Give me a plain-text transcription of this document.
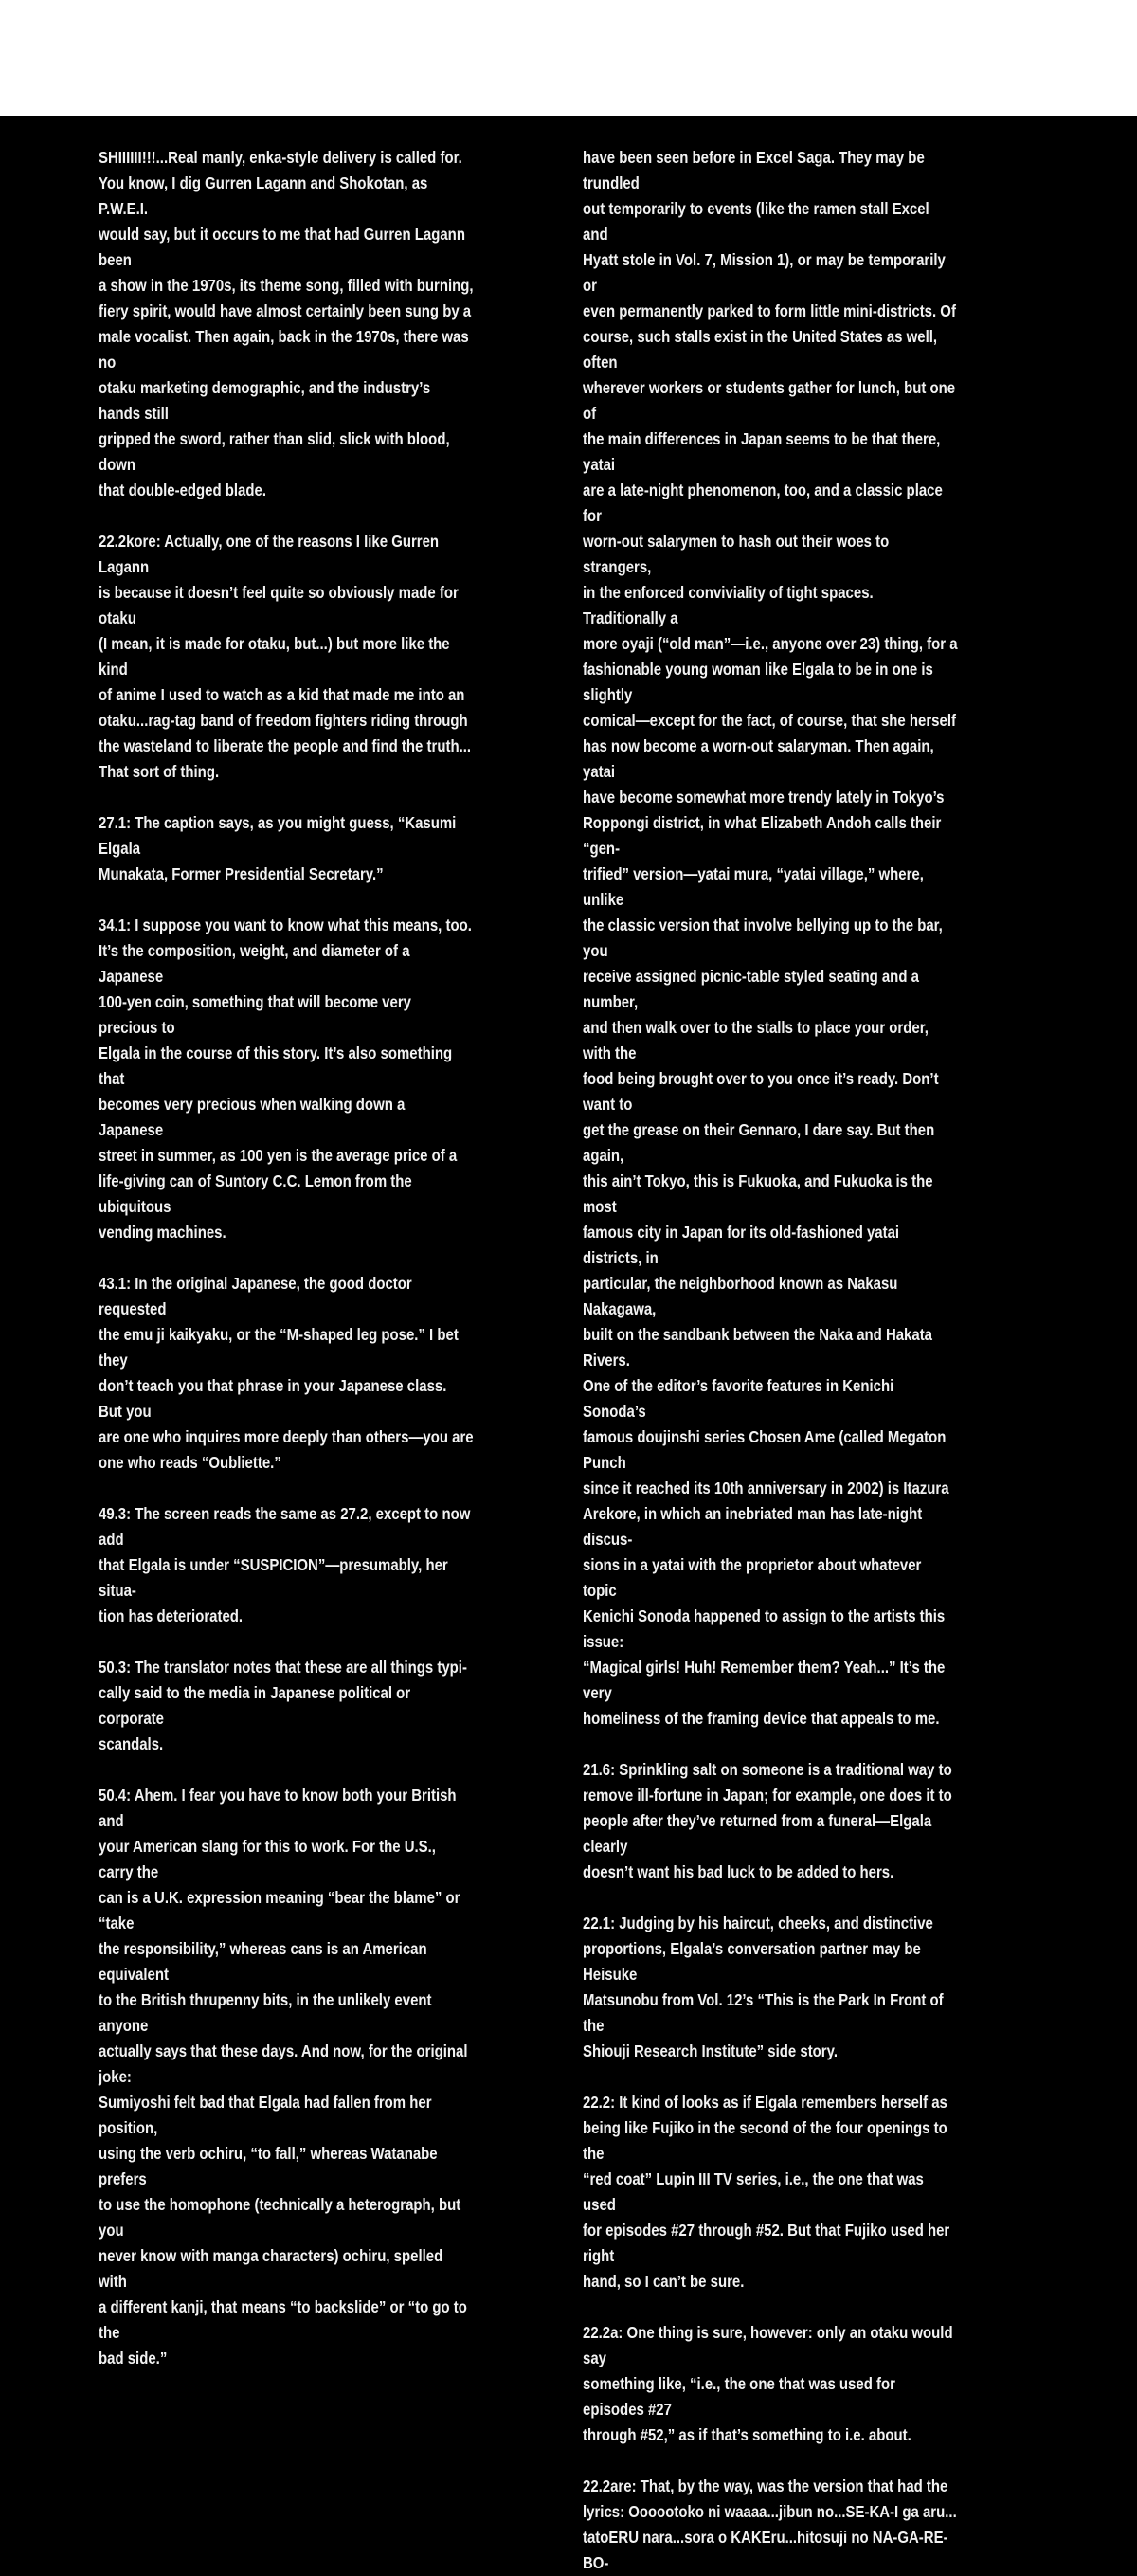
SHIIIIII!!!...Real manly, enka-style delivery is called for.
You know, I dig Gurren Lagann and Shokotan, as P.W.E.I.
would say, but it occurs to me that had Gurren Lagann been
a show in the 1970s, its theme song, filled with burning,
fiery spirit, would have almost certainly been sung by a
male vocalist. Then again, back in the 1970s, there was no
otaku marketing demographic, and the industry’s hands still
gripped the sword, rather than slid, slick with blood, down
that double-edged blade.

22.2kore: Actually, one of the reasons I like Gurren Lagann
is because it doesn’t feel quite so obviously made for otaku
(I mean, it is made for otaku, but...) but more like the kind
of anime I used to watch as a kid that made me into an
otaku...rag-tag band of freedom fighters riding through
the wasteland to liberate the people and find the truth...
That sort of thing.

27.1: The caption says, as you might guess, “Kasumi Elgala
Munakata, Former Presidential Secretary.”

34.1: I suppose you want to know what this means, too.
It’s the composition, weight, and diameter of a Japanese
100-yen coin, something that will become very precious to
Elgala in the course of this story. It’s also something that
becomes very precious when walking down a Japanese
street in summer, as 100 yen is the average price of a
life-giving can of Suntory C.C. Lemon from the ubiquitous
vending machines.

43.1: In the original Japanese, the good doctor requested
the emu ji kaikyaku, or the “M-shaped leg pose.” I bet they
don’t teach you that phrase in your Japanese class. But you
are one who inquires more deeply than others—you are
one who reads “Oubliette.”

49.3: The screen reads the same as 27.2, except to now add
that Elgala is under “SUSPICION”—presumably, her situa-
tion has deteriorated.

50.3: The translator notes that these are all things typi-
cally said to the media in Japanese political or corporate
scandals.

50.4: Ahem. I fear you have to know both your British and
your American slang for this to work. For the U.S., carry the
can is a U.K. expression meaning “bear the blame” or “take
the responsibility,” whereas cans is an American equivalent
to the British thrupenny bits, in the unlikely event anyone
actually says that these days. And now, for the original joke:
Sumiyoshi felt bad that Elgala had fallen from her position,
using the verb ochiru, “to fall,” whereas Watanabe prefers
to use the homophone (technically a heterograph, but you
never know with manga characters) ochiru, spelled with
a different kanji, that means “to backslide” or “to go to the
bad side.”

have been seen before in Excel Saga. They may be trundled
out temporarily to events (like the ramen stall Excel and
Hyatt stole in Vol. 7, Mission 1), or may be temporarily or
even permanently parked to form little mini-districts. Of
course, such stalls exist in the United States as well, often
wherever workers or students gather for lunch, but one of
the main differences in Japan seems to be that there, yatai
are a late-night phenomenon, too, and a classic place for
worn-out salarymen to hash out their woes to strangers,
in the enforced conviviality of tight spaces. Traditionally a
more oyaji (“old man”—i.e., anyone over 23) thing, for a
fashionable young woman like Elgala to be in one is slightly
comical—except for the fact, of course, that she herself
has now become a worn-out salaryman. Then again, yatai
have become somewhat more trendy lately in Tokyo’s
Roppongi district, in what Elizabeth Andoh calls their “gen-
trified” version—yatai mura, “yatai village,” where, unlike
the classic version that involve bellying up to the bar, you
receive assigned picnic-table styled seating and a number,
and then walk over to the stalls to place your order, with the
food being brought over to you once it’s ready. Don’t want to
get the grease on their Gennaro, I dare say. But then again,
this ain’t Tokyo, this is Fukuoka, and Fukuoka is the most
famous city in Japan for its old-fashioned yatai districts, in
particular, the neighborhood known as Nakasu Nakagawa,
built on the sandbank between the Naka and Hakata Rivers.
One of the editor’s favorite features in Kenichi Sonoda’s
famous doujinshi series Chosen Ame (called Megaton Punch
since it reached its 10th anniversary in 2002) is Itazura
Arekore, in which an inebriated man has late-night discus-
sions in a yatai with the proprietor about whatever topic
Kenichi Sonoda happened to assign to the artists this issue:
“Magical girls! Huh! Remember them? Yeah...” It’s the very
homeliness of the framing device that appeals to me.

21.6: Sprinkling salt on someone is a traditional way to
remove ill-fortune in Japan; for example, one does it to
people after they’ve returned from a funeral—Elgala clearly
doesn’t want his bad luck to be added to hers.

22.1: Judging by his haircut, cheeks, and distinctive
proportions, Elgala’s conversation partner may be Heisuke
Matsunobu from Vol. 12’s “This is the Park In Front of the
Shiouji Research Institute” side story.

22.2: It kind of looks as if Elgala remembers herself as
being like Fujiko in the second of the four openings to the
“red coat” Lupin III TV series, i.e., the one that was used
for episodes #27 through #52. But that Fujiko used her right
hand, so I can’t be sure.

22.2a: One thing is sure, however: only an otaku would say
something like, “i.e., the one that was used for episodes #27
through #52,” as if that’s something to i.e. about.

22.2are: That, by the way, was the version that had the
lyrics: Oooootoko ni waaaa...jibun no...SE-KA-I ga aru...
tatoERU nara...sora o KAKEru...hitosuji no NA-GA-RE-BO-
